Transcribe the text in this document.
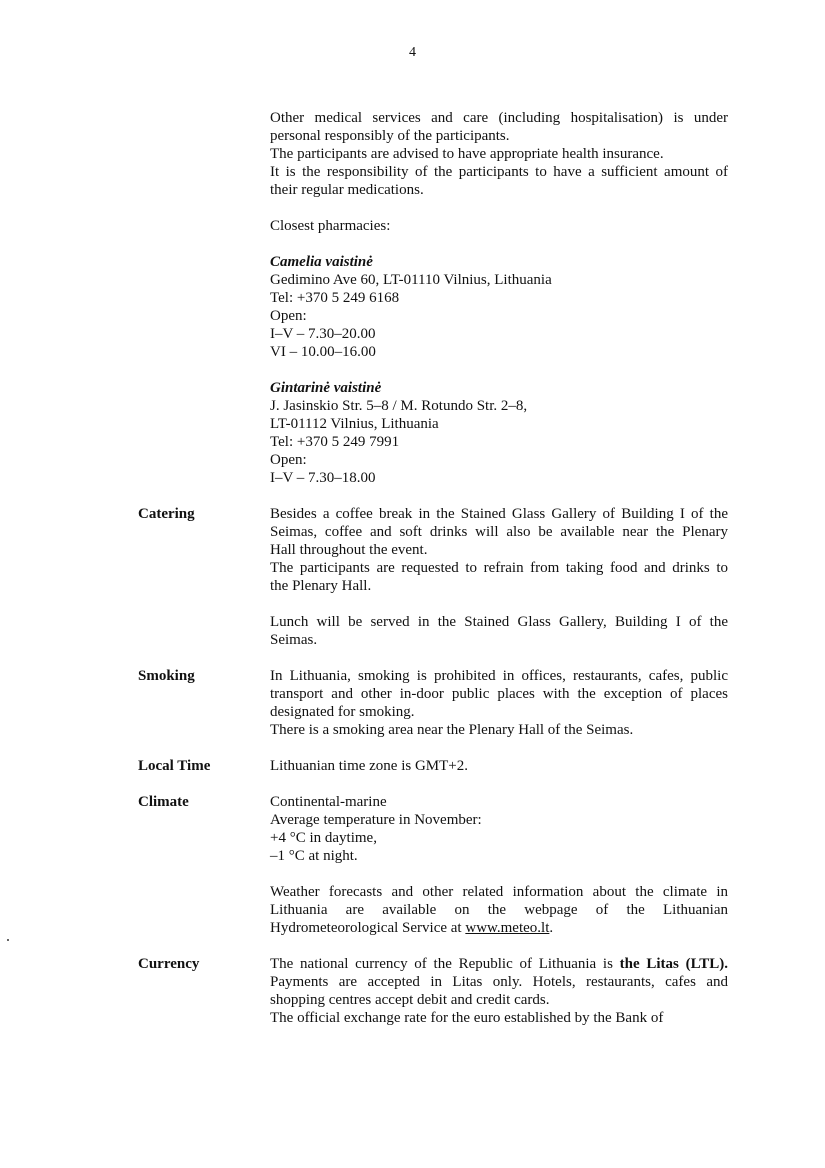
4

Other medical services and care (including hospitalisation) is under

personal responsibly of the participants.

The participants are advised to have appropriate health insurance.

It is the responsibility of the participants to have a sufficient amount of

their regular medications.

Closest pharmacies:

Camelia vaistinė

Gedimino Ave 60, LT-01110 Vilnius, Lithuania

Tel: +370 5 249 6168

Open:

I–V – 7.30–20.00

VI – 10.00–16.00

Gintarinė vaistinė

J. Jasinskio Str. 5–8 / M. Rotundo Str. 2–8,

LT-01112 Vilnius, Lithuania

Tel: +370 5 249 7991

Open:

I–V – 7.30–18.00

Catering	Besides a coffee break in the Stained Glass Gallery of Building I of the

Seimas, coffee and soft drinks will also be available near the Plenary

Hall throughout the event.

The participants are requested to refrain from taking food and drinks to

the Plenary Hall.

Lunch will be served in the Stained Glass Gallery, Building I of the

Seimas.

Smoking	In Lithuania, smoking is prohibited in offices, restaurants, cafes, public

transport and other in-door public places with the exception of places

designated for smoking.

There is a smoking area near the Plenary Hall of the Seimas.

Local Time	Lithuanian time zone is GMT+2.

Climate	Continental-marine

Average temperature in November:

+4 °C in daytime,

–1 °C at night.

Weather forecasts and other related information about the climate in

Lithuania are available on the webpage of the Lithuanian

Hydrometeorological Service at www.meteo.lt.

Currency	The national currency of the Republic of Lithuania is the Litas (LTL).

Payments are accepted in Litas only. Hotels, restaurants, cafes and

shopping centres accept debit and credit cards.

The official exchange rate for the euro established by the Bank of
